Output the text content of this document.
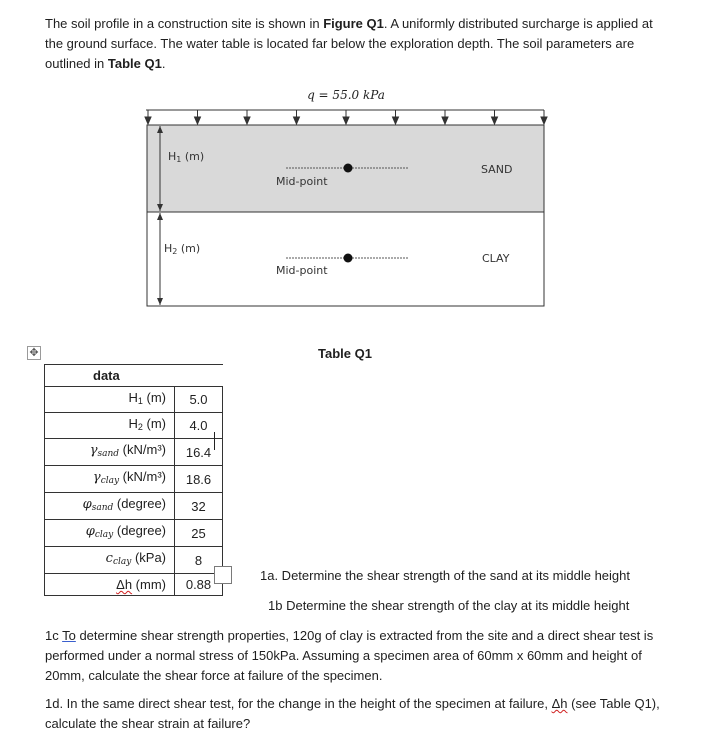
The soil profile in a construction site is shown in Figure Q1. A uniformly distributed surcharge is applied at the ground surface. The water table is located far below the exploration depth. The soil parameters are outlined in Table Q1.

q = 55.0 kPa
H1 (m)
H2 (m)
Mid-point
SAND
Mid-point
CLAY
✥	Table Q1
data	
H1 (m)	5.0
H2 (m)	4.0
$\gamma_{sand}$ (kN/m³)	16.4
$\gamma_{clay}$ (kN/m³)	18.6
$\varphi_{sand}$ (degree)	32
$\varphi_{clay}$ (degree)	25
$c_{clay}$ (kPa)	8
Δh (mm)	0.88

1a. Determine the shear strength of the sand at its middle height

1b Determine the shear strength of the clay at its middle height

1c To determine shear strength properties, 120g of clay is extracted from the site and a direct shear test is performed under a normal stress of 150kPa. Assuming a specimen area of 60mm x 60mm and height of 20mm, calculate the shear force at failure of the specimen.

1d. In the same direct shear test, for the change in the height of the specimen at failure, Δh (see Table Q1), calculate the shear strain at failure?
